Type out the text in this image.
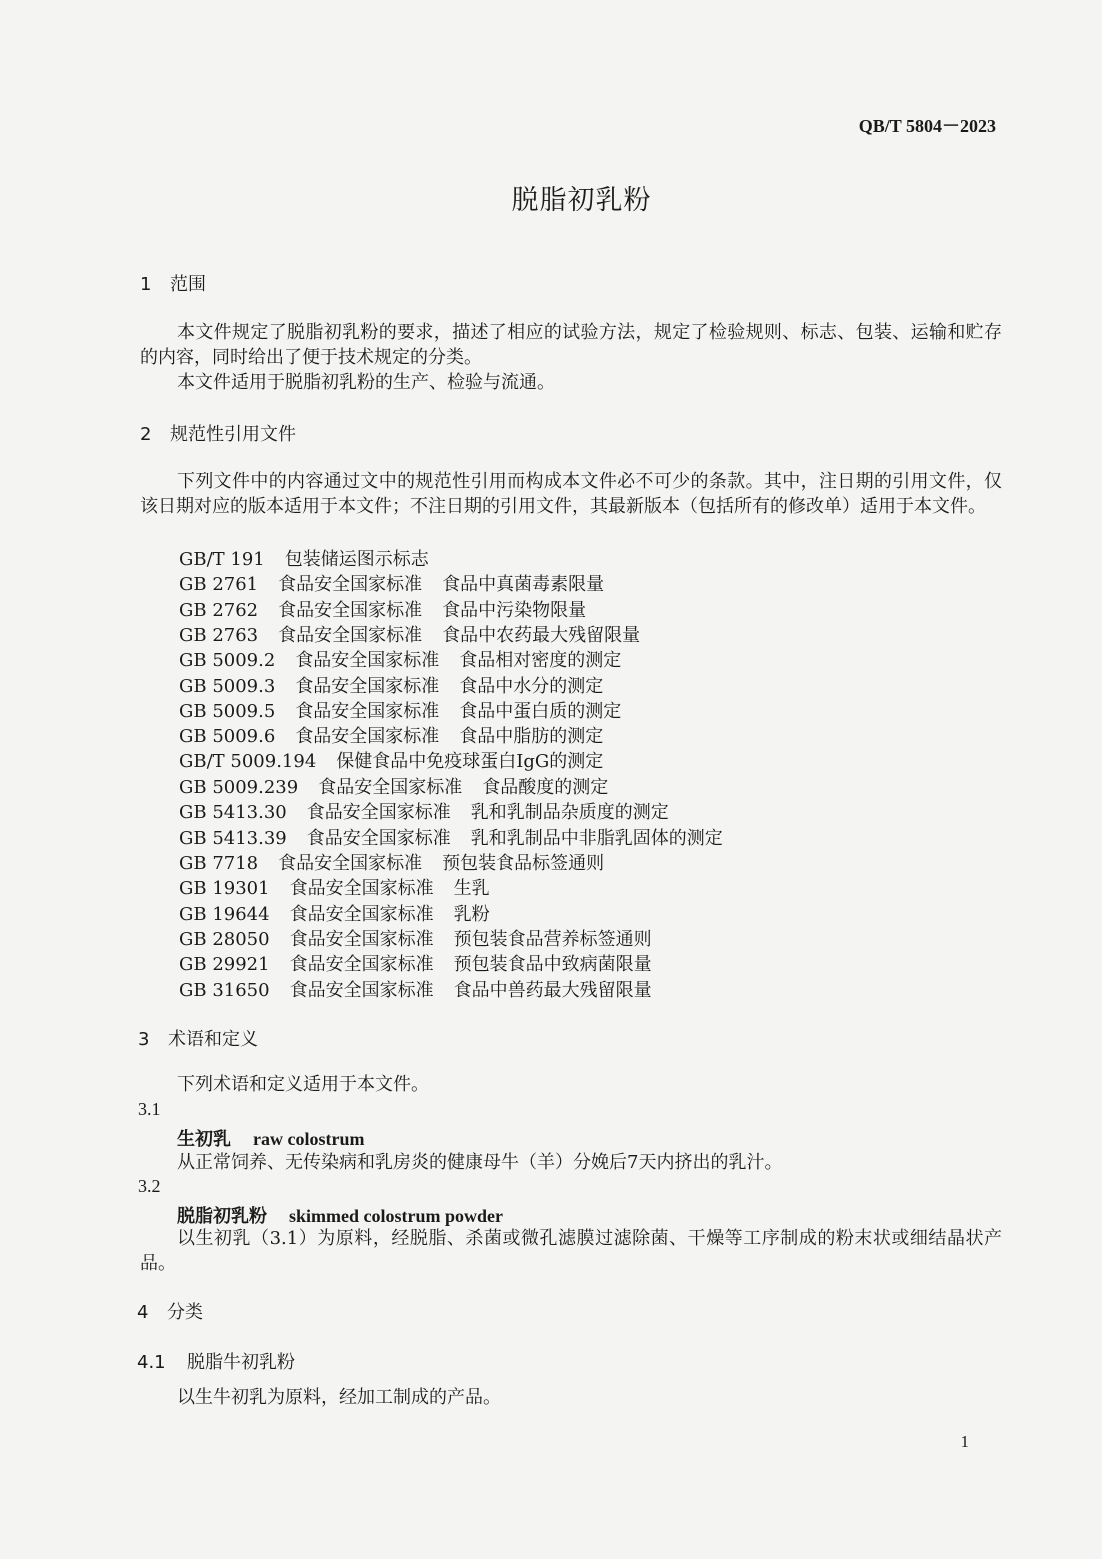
QB/T 5804－2023
脱脂初乳粉
1 范围
本文件规定了脱脂初乳粉的要求，描述了相应的试验方法，规定了检验规则、标志、包装、运输和贮存的内容，同时给出了便于技术规定的分类。
本文件适用于脱脂初乳粉的生产、检验与流通。
2 规范性引用文件
下列文件中的内容通过文中的规范性引用而构成本文件必不可少的条款。其中，注日期的引用文件，仅该日期对应的版本适用于本文件；不注日期的引用文件，其最新版本（包括所有的修改单）适用于本文件。
GB/T 191 包装储运图示标志
GB 2761 食品安全国家标准 食品中真菌毒素限量
GB 2762 食品安全国家标准 食品中污染物限量
GB 2763 食品安全国家标准 食品中农药最大残留限量
GB 5009.2 食品安全国家标准 食品相对密度的测定
GB 5009.3 食品安全国家标准 食品中水分的测定
GB 5009.5 食品安全国家标准 食品中蛋白质的测定
GB 5009.6 食品安全国家标准 食品中脂肪的测定
GB/T 5009.194 保健食品中免疫球蛋白IgG的测定
GB 5009.239 食品安全国家标准 食品酸度的测定
GB 5413.30 食品安全国家标准 乳和乳制品杂质度的测定
GB 5413.39 食品安全国家标准 乳和乳制品中非脂乳固体的测定
GB 7718 食品安全国家标准 预包装食品标签通则
GB 19301 食品安全国家标准 生乳
GB 19644 食品安全国家标准 乳粉
GB 28050 食品安全国家标准 预包装食品营养标签通则
GB 29921 食品安全国家标准 预包装食品中致病菌限量
GB 31650 食品安全国家标准 食品中兽药最大残留限量
3 术语和定义
下列术语和定义适用于本文件。
3.1
生初乳 raw colostrum
从正常饲养、无传染病和乳房炎的健康母牛（羊）分娩后7天内挤出的乳汁。
3.2
脱脂初乳粉 skimmed colostrum powder
以生初乳（3.1）为原料，经脱脂、杀菌或微孔滤膜过滤除菌、干燥等工序制成的粉末状或细结晶状产品。
4 分类
4.1 脱脂牛初乳粉
以生牛初乳为原料，经加工制成的产品。
1
